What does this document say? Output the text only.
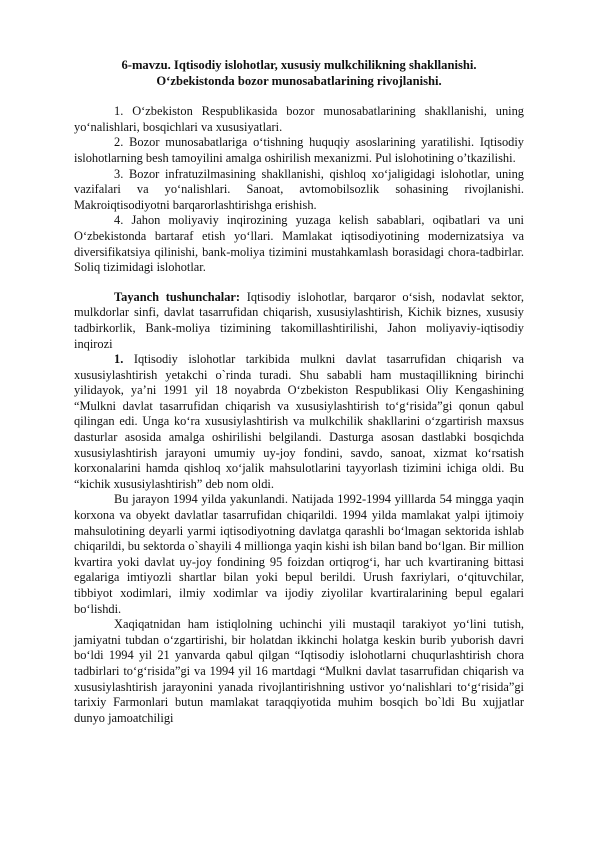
6-mavzu. Iqtisodiy islohotlar, xususiy mulkchilikning shakllanishi.
O‘zbekistonda bozor munosabatlarining rivojlanishi.

1. O‘zbekiston Respublikasida bozor munosabatlarining shakllanishi, uning yo‘nalishlari, bosqichlari va xususiyatlari.

2. Bozor munosabatlariga o‘tishning huquqiy asoslarining yaratilishi. Iqtisodiy islohotlarning besh tamoyilini amalga oshirilish mexanizmi. Pul islohotining o’tkazilishi.

3. Bozor infratuzilmasining shakllanishi, qishloq xo‘jaligidagi islohotlar, uning vazifalari va yo‘nalishlari. Sanoat, avtomobilsozlik sohasining rivojlanishi. Makroiqtisodiyotni barqarorlashtirishga erishish.

4. Jahon moliyaviy inqirozining yuzaga kelish sabablari, oqibatlari va uni O‘zbekistonda bartaraf etish yo‘llari. Mamlakat iqtisodiyotining modernizatsiya va diversifikatsiya qilinishi, bank-moliya tizimini mustahkamlash borasidagi chora-tadbirlar. Soliq tizimidagi islohotlar.

Tayanch tushunchalar: Iqtisodiy islohotlar, barqaror o‘sish, nodavlat sektor, mulkdorlar sinfi, davlat tasarrufidan chiqarish, xususiylashtirish, Kichik biznes, xususiy tadbirkorlik, Bank-moliya tizimining takomillashtirilishi, Jahon moliyaviy-iqtisodiy inqirozi

1. Iqtisodiy islohotlar tarkibida mulkni davlat tasarrufidan chiqarish va xususiylashtirish yetakchi o`rinda turadi. Shu sababli ham mustaqillikning birinchi yilidayok, ya’ni 1991 yil 18 noyabrda O‘zbekiston Respublikasi Oliy Kengashining “Mulkni davlat tasarrufidan chiqarish va xususiylashtirish to‘g‘risida”gi qonun qabul qilingan edi. Unga ko‘ra xususiylashtirish va mulkchilik shakllarini o‘zgartirish maxsus dasturlar asosida amalga oshirilishi belgilandi. Dasturga asosan dastlabki bosqichda xususiylashtirish jarayoni umumiy uy-joy fondini, savdo, sanoat, xizmat ko‘rsatish korxonalarini hamda qishloq xo‘jalik mahsulotlarini tayyorlash tizimini ichiga oldi. Bu “kichik xususiylashtirish” deb nom oldi.

Bu jarayon 1994 yilda yakunlandi. Natijada 1992-1994 yilllarda 54 mingga yaqin korxona va obyekt davlatlar tasarrufidan chiqarildi. 1994 yilda mamlakat yalpi ijtimoiy mahsulotining deyarli yarmi iqtisodiyotning davlatga qarashli bo‘lmagan sektorida ishlab chiqarildi, bu sektorda o`shayili 4 millionga yaqin kishi ish bilan band bo‘lgan. Bir million kvartira yoki davlat uy-joy fondining 95 foizdan ortiqrog‘i, har uch kvartiraning bittasi egalariga imtiyozli shartlar bilan yoki bepul berildi. Urush faxriylari, o‘qituvchilar, tibbiyot xodimlari, ilmiy xodimlar va ijodiy ziyolilar kvartiralarining bepul egalari bo‘lishdi.

Xaqiqatnidan ham istiqlolning uchinchi yili mustaqil tarakiyot yo‘lini tutish, jamiyatni tubdan o‘zgartirishi, bir holatdan ikkinchi holatga keskin burib yuborish davri bo‘ldi 1994 yil 21 yanvarda qabul qilgan “Iqtisodiy islohotlarni chuqurlashtirish chora tadbirlari to‘g‘risida”gi va 1994 yil 16 martdagi “Mulkni davlat tasarrufidan chiqarish va xususiylashtirish jarayonini yanada rivojlantirishning ustivor yo‘nalishlari to‘g‘risida”gi tarixiy Farmonlari butun mamlakat taraqqiyotida muhim bosqich bo`ldi Bu xujjatlar dunyo jamoatchiligi
